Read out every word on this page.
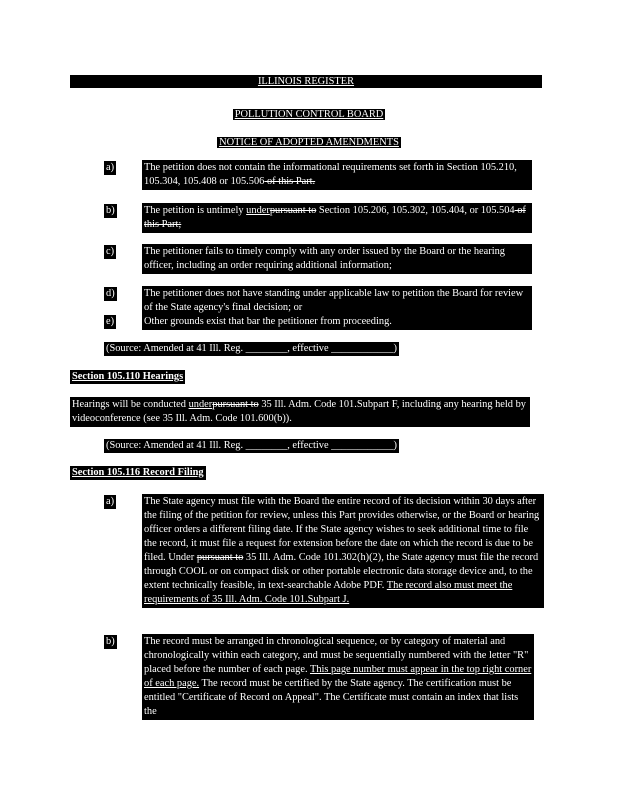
ILLINOIS REGISTER
POLLUTION CONTROL BOARD
NOTICE OF ADOPTED AMENDMENTS
a)	The petition does not contain the informational requirements set forth in Section 105.210, 105.304, 105.408 or 105.506 of this Part.
b)	The petition is untimely underpursuant to Section 105.206, 105.302, 105.404, or 105.504 of this Part;
c)	The petitioner fails to timely comply with any order issued by the Board or the hearing officer, including an order requiring additional information;
d)	The petitioner does not have standing under applicable law to petition the Board for review of the State agency's final decision; or
e)	Other grounds exist that bar the petitioner from proceeding.
(Source: Amended at 41 Ill. Reg. ________, effective ____________)
Section 105.110 Hearings
Hearings will be conducted underpursuant to 35 Ill. Adm. Code 101.Subpart F, including any hearing held by videoconference (see 35 Ill. Adm. Code 101.600(b)).
(Source: Amended at 41 Ill. Reg. ________, effective ____________)
Section 105.116 Record Filing
a)	The State agency must file with the Board the entire record of its decision within 30 days after the filing of the petition for review, unless this Part provides otherwise, or the Board or hearing officer orders a different filing date. If the State agency wishes to seek additional time to file the record, it must file a request for extension before the date on which the record is due to be filed. Under pursuant to 35 Ill. Adm. Code 101.302(h)(2), the State agency must file the record through COOL or on compact disk or other portable electronic data storage device and, to the extent technically feasible, in text-searchable Adobe PDF. The record also must meet the requirements of 35 Ill. Adm. Code 101.Subpart J.
b)	The record must be arranged in chronological sequence, or by category of material and chronologically within each category, and must be sequentially numbered with the letter "R" placed before the number of each page. This page number must appear in the top right corner of each page. The record must be certified by the State agency. The certification must be entitled "Certificate of Record on Appeal". The Certificate must contain an index that lists the
